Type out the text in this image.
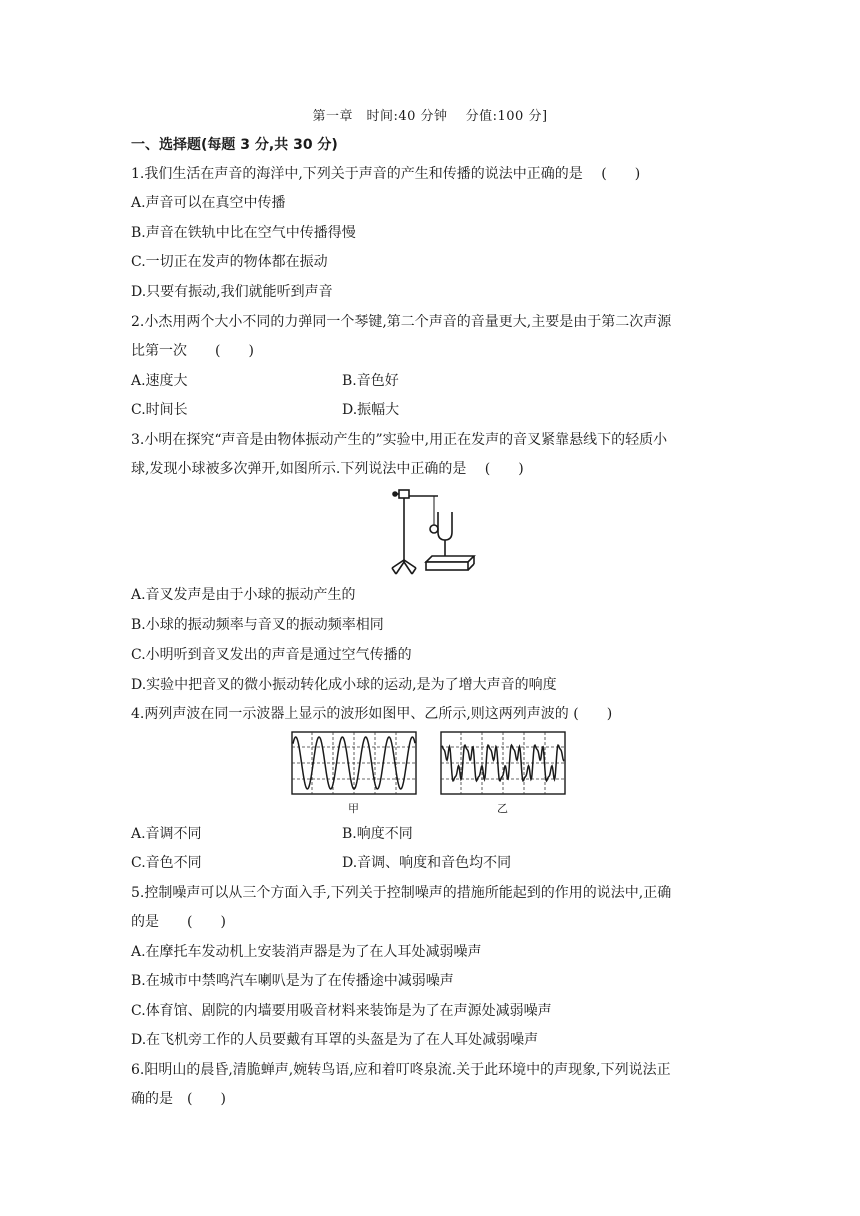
第一章　时间:40 分钟　 分值:100 分]
一、选择题(每题 3 分,共 30 分)
1.我们生活在声音的海洋中,下列关于声音的产生和传播的说法中正确的是　 (　　)
A.声音可以在真空中传播
B.声音在铁轨中比在空气中传播得慢
C.一切正在发声的物体都在振动
D.只要有振动,我们就能听到声音
2.小杰用两个大小不同的力弹同一个琴键,第二个声音的音量更大,主要是由于第二次声源
比第一次　　(　　)
A.速度大	B.音色好
C.时间长	D.振幅大
3.小明在探究“声音是由物体振动产生的”实验中,用正在发声的音叉紧靠悬线下的轻质小
球,发现小球被多次弹开,如图所示.下列说法中正确的是　 (　　)
A.音叉发声是由于小球的振动产生的
B.小球的振动频率与音叉的振动频率相同
C.小明听到音叉发出的声音是通过空气传播的
D.实验中把音叉的微小振动转化成小球的运动,是为了增大声音的响度
4.两列声波在同一示波器上显示的波形如图甲、乙所示,则这两列声波的 (　　)
甲	乙
A.音调不同	B.响度不同
C.音色不同	D.音调、响度和音色均不同
5.控制噪声可以从三个方面入手,下列关于控制噪声的措施所能起到的作用的说法中,正确
的是　　(　　)
A.在摩托车发动机上安装消声器是为了在人耳处减弱噪声
B.在城市中禁鸣汽车喇叭是为了在传播途中减弱噪声
C.体育馆、剧院的内墙要用吸音材料来装饰是为了在声源处减弱噪声
D.在飞机旁工作的人员要戴有耳罩的头盔是为了在人耳处减弱噪声
6.阳明山的晨昏,清脆蝉声,婉转鸟语,应和着叮咚泉流.关于此环境中的声现象,下列说法正
确的是　(　　)
